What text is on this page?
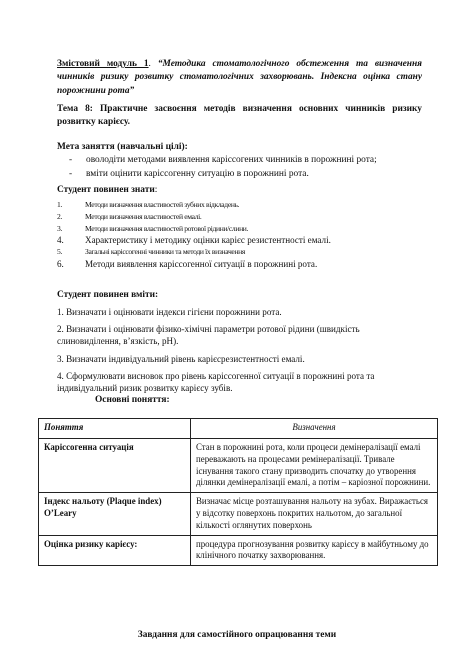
Змістовий модуль 1. “Методика стоматологічного обстеження та визначення чинників ризику розвитку стоматологічних захворювань. Індексна оцінка стану порожнини рота”
Тема 8: Практичне засвоєння методів визначення основних чинників ризику розвитку карієсу.
Мета заняття (навчальні цілі):
- оволодіти методами виявлення каріссогених чинників в порожнині рота;
- вміти оцінити каріссогенну ситуацію в порожнині рота.
Студент повинен знати:
1.	Методи визначення властивостей зубних відкладень.
2.	Методи визначення властивостей емалі.
3.	Методи визначення властивостей ротової рідини/слини.
4. Характеристику і методику оцінки карієс резистентності емалі.
5.	Загальні каріссогенні чинники та методи їх визначення
6. Методи виявлення каріссогенної ситуації в порожнині рота.
Студент повинен вміти:
1. Визначати і оцінювати індекси гігієни порожнини рота.
2. Визначати і оцінювати фізико-хімічні параметри ротової рідини (швидкість слиновиділення, в’язкість, рН).
3. Визначати індивідуальний рівень карієсрезистентності емалі.
4. Сформулювати висновок про рівень каріссогенної ситуації в порожнині рота та індивідуальний ризик розвитку карієсу зубів.
Основні поняття:
Поняття	Визначення
Каріссогенна ситуація	Стан в порожнині рота, коли процеси демінералізації емалі переважають на процесами ремінералізації. Тривале існування такого стану призводить спочатку до утворення ділянки демінералізації емалі, а потім – каріозної порожнини.
Індекс нальоту (Plaque index) O’Leary	Визначає місце розташування нальоту на зубах. Виражається у відсотку поверхонь покритих нальотом, до загальної кількості оглянутих поверхонь
Оцінка ризику карієсу:	процедура прогнозування розвитку карієсу в майбутньому до клінічного початку захворювання.
Завдання для самостійного опрацювання теми
